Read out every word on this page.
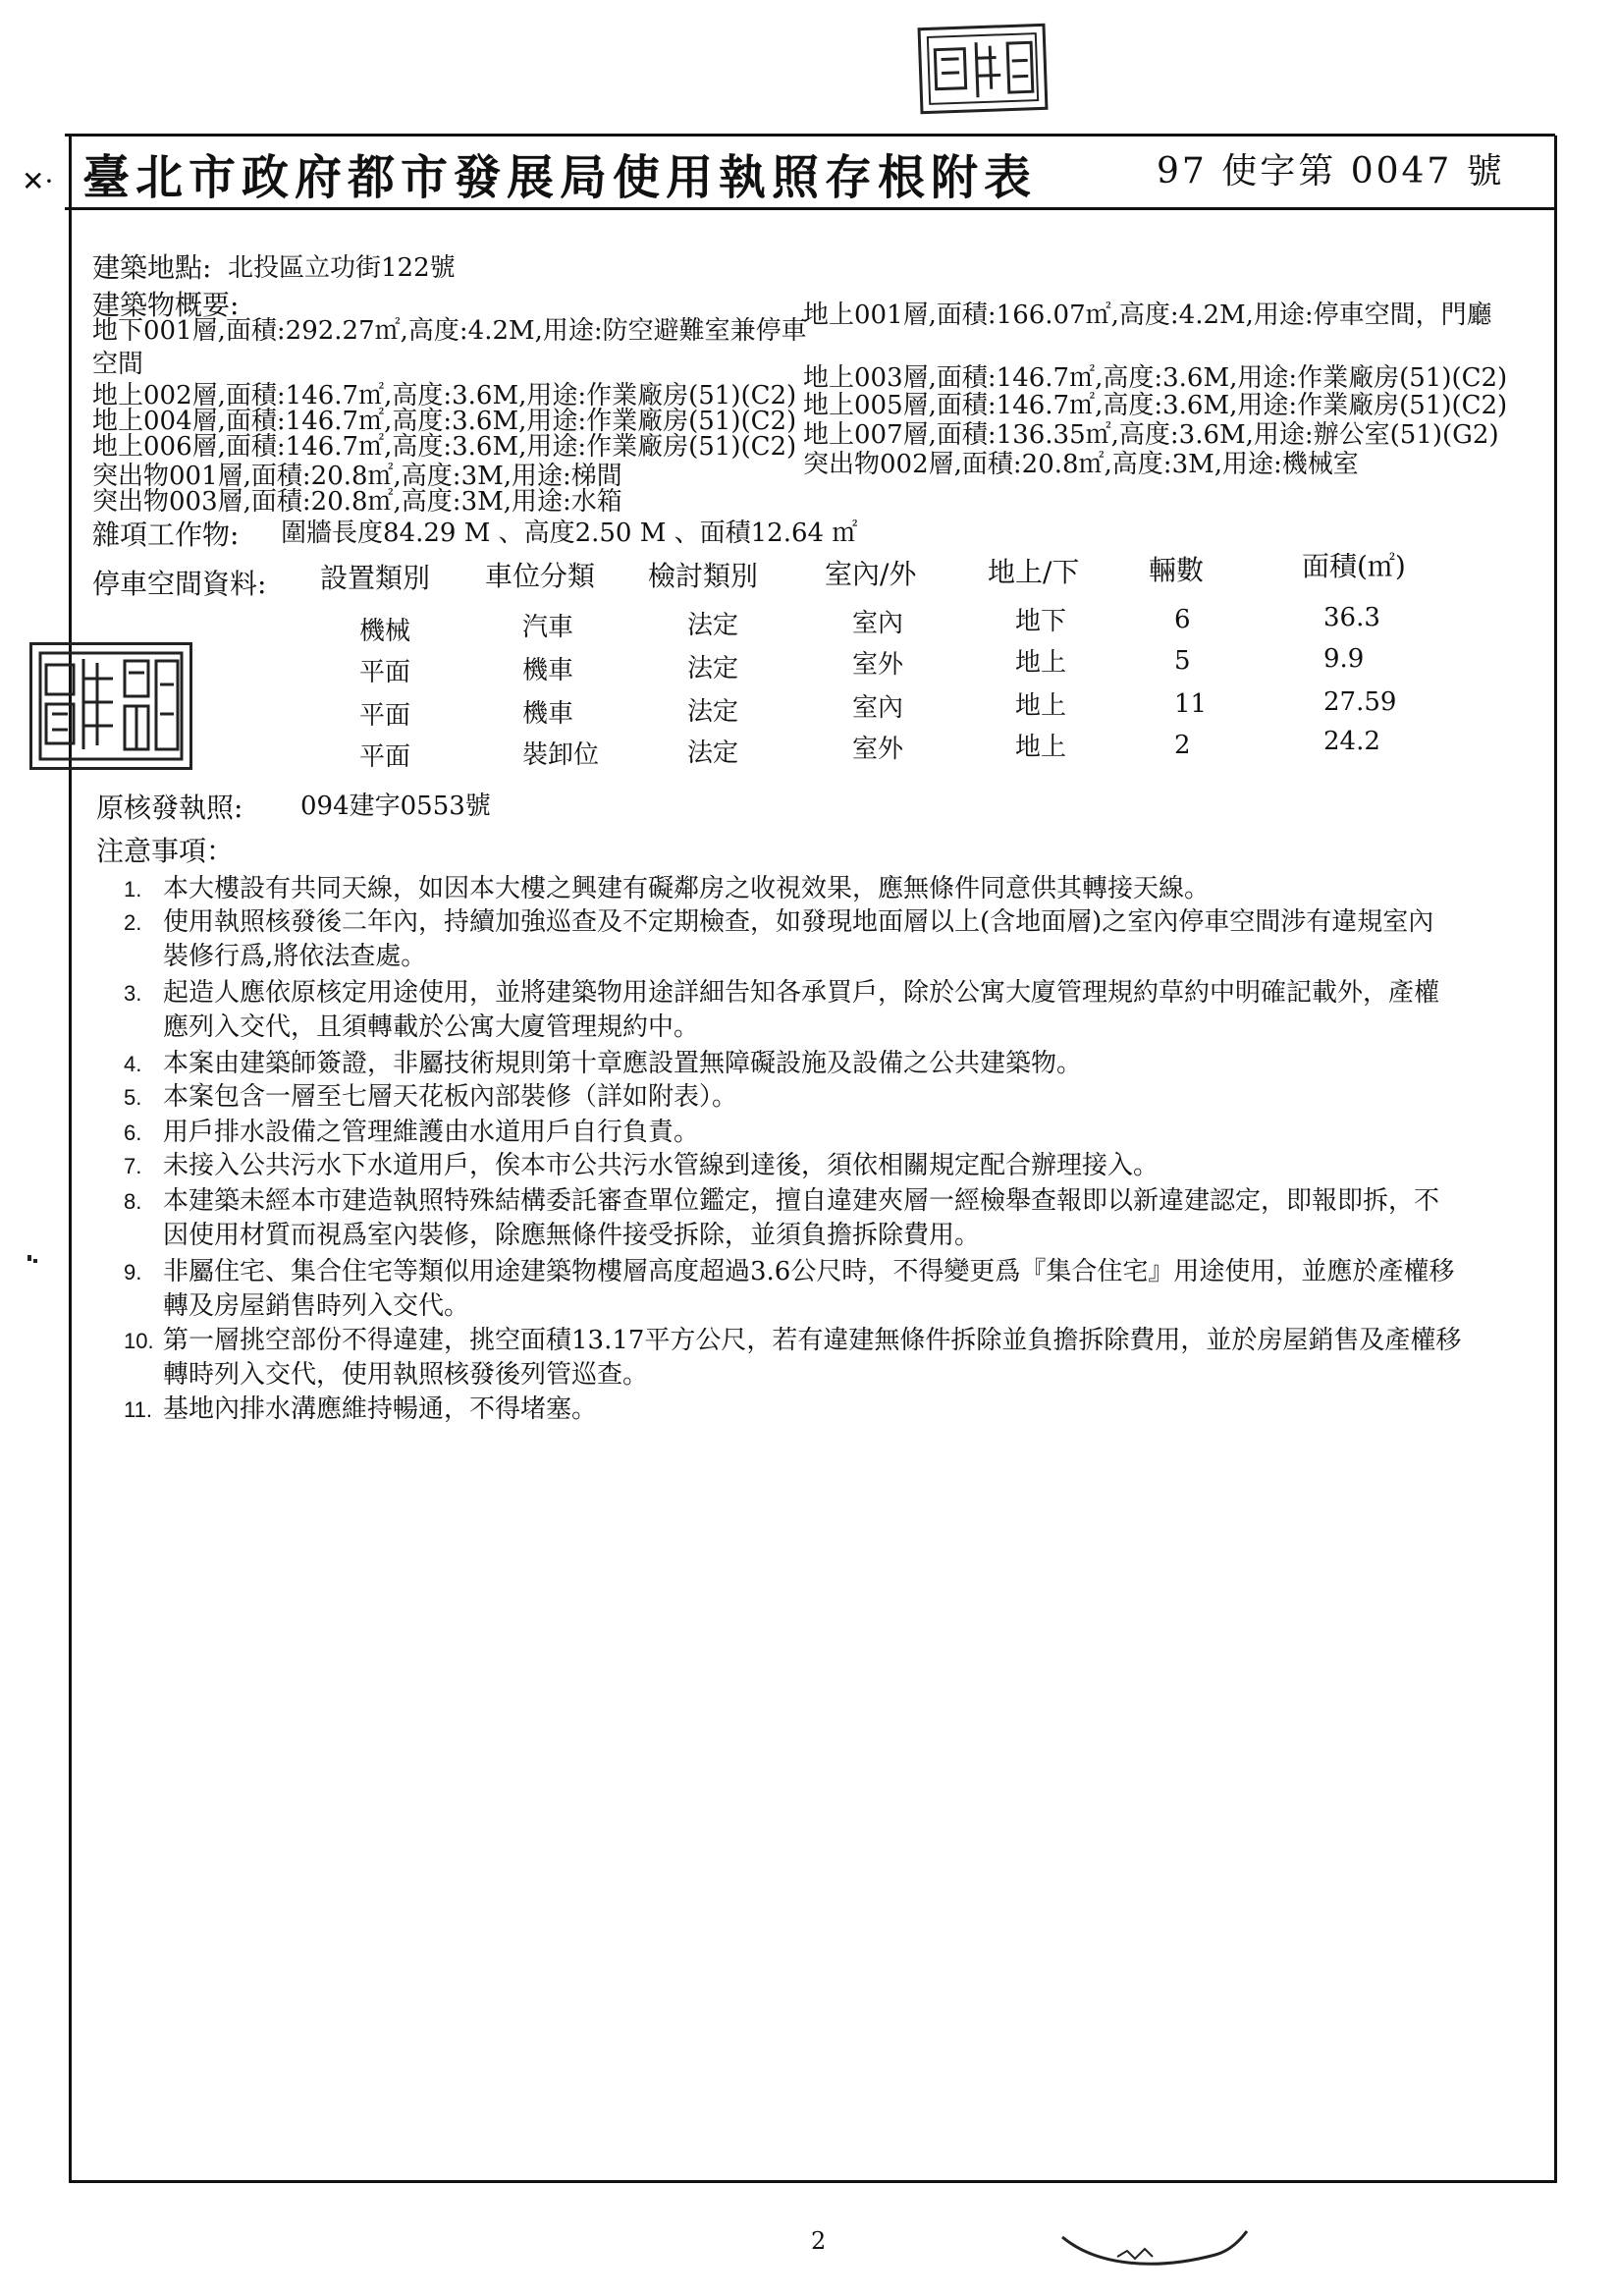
✕· 臺北市政府都市發展局使用執照存根附表	97 使字第 0047 號
建築地點: 北投區立功街122號
建築物概要:
地下001層,面積:292.27㎡,高度:4.2M,用途:防空避難室兼停車
空間
地上002層,面積:146.7㎡,高度:3.6M,用途:作業廠房(51)(C2)
地上004層,面積:146.7㎡,高度:3.6M,用途:作業廠房(51)(C2)
地上006層,面積:146.7㎡,高度:3.6M,用途:作業廠房(51)(C2)
突出物001層,面積:20.8㎡,高度:3M,用途:梯間
突出物003層,面積:20.8㎡,高度:3M,用途:水箱
地上001層,面積:166.07㎡,高度:4.2M,用途:停車空間，門廳
地上003層,面積:146.7㎡,高度:3.6M,用途:作業廠房(51)(C2)
地上005層,面積:146.7㎡,高度:3.6M,用途:作業廠房(51)(C2)
地上007層,面積:136.35㎡,高度:3.6M,用途:辦公室(51)(G2)
突出物002層,面積:20.8㎡,高度:3M,用途:機械室
雜項工作物: 圍牆長度84.29 M 、高度2.50 M 、面積12.64 ㎡
停車空間資料: 設置類別 車位分類 檢討類別 室內/外	地上/下	輛數	面積(㎡)
機械	汽車	法定	室內	地下	6	36.3
平面	機車	法定	室外	地上	5	9.9
平面	機車	法定	室內	地上	11	27.59
平面	裝卸位	法定	室外	地上	2	24.2
原核發執照: 094建字0553號
注意事項：
1. 本大樓設有共同天線，如因本大樓之興建有礙鄰房之收視效果，應無條件同意供其轉接天線。
2. 使用執照核發後二年內，持續加強巡查及不定期檢查，如發現地面層以上(含地面層)之室內停車空間涉有違規室內
裝修行爲,將依法查處。
3. 起造人應依原核定用途使用，並將建築物用途詳細告知各承買戶，除於公寓大廈管理規約草約中明確記載外，產權
應列入交代，且須轉載於公寓大廈管理規約中。
4. 本案由建築師簽證，非屬技術規則第十章應設置無障礙設施及設備之公共建築物。
5. 本案包含一層至七層天花板內部裝修（詳如附表）。
6. 用戶排水設備之管理維護由水道用戶自行負責。
7. 未接入公共污水下水道用戶，俟本市公共污水管線到達後，須依相關規定配合辦理接入。
8. 本建築未經本市建造執照特殊結構委託審查單位鑑定，擅自違建夾層一經檢舉查報即以新違建認定，即報即拆，不
因使用材質而視爲室內裝修，除應無條件接受拆除，並須負擔拆除費用。
9. 非屬住宅、集合住宅等類似用途建築物樓層高度超過3.6公尺時，不得變更爲『集合住宅』用途使用，並應於產權移
轉及房屋銷售時列入交代。
10. 第一層挑空部份不得違建，挑空面積13.17平方公尺，若有違建無條件拆除並負擔拆除費用，並於房屋銷售及產權移
轉時列入交代，使用執照核發後列管巡查。
11. 基地內排水溝應維持暢通，不得堵塞。
2
